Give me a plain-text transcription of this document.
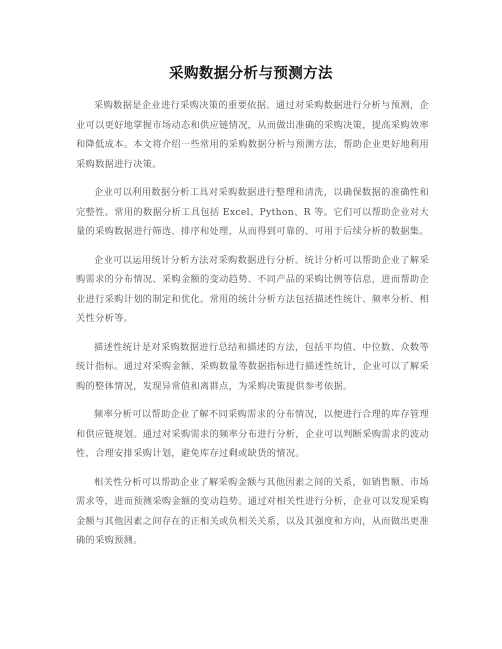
采购数据分析与预测方法

采购数据是企业进行采购决策的重要依据。通过对采购数据进行分析与预测，企业可以更好地掌握市场动态和供应链情况，从而做出准确的采购决策，提高采购效率和降低成本。本文将介绍一些常用的采购数据分析与预测方法，帮助企业更好地利用采购数据进行决策。

企业可以利用数据分析工具对采购数据进行整理和清洗，以确保数据的准确性和完整性。常用的数据分析工具包括 Excel、Python、R 等。它们可以帮助企业对大量的采购数据进行筛选、排序和处理，从而得到可靠的、可用于后续分析的数据集。

企业可以运用统计分析方法对采购数据进行分析。统计分析可以帮助企业了解采购需求的分布情况、采购金额的变动趋势、不同产品的采购比例等信息，进而帮助企业进行采购计划的制定和优化。常用的统计分析方法包括描述性统计、频率分析、相关性分析等。

描述性统计是对采购数据进行总结和描述的方法，包括平均值、中位数、众数等统计指标。通过对采购金额、采购数量等数据指标进行描述性统计，企业可以了解采购的整体情况，发现异常值和离群点，为采购决策提供参考依据。

频率分析可以帮助企业了解不同采购需求的分布情况，以便进行合理的库存管理和供应链规划。通过对采购需求的频率分布进行分析，企业可以判断采购需求的波动性，合理安排采购计划，避免库存过剩或缺货的情况。

相关性分析可以帮助企业了解采购金额与其他因素之间的关系，如销售额、市场需求等，进而预测采购金额的变动趋势。通过对相关性进行分析，企业可以发现采购金额与其他因素之间存在的正相关或负相关关系，以及其强度和方向，从而做出更准确的采购预测。
